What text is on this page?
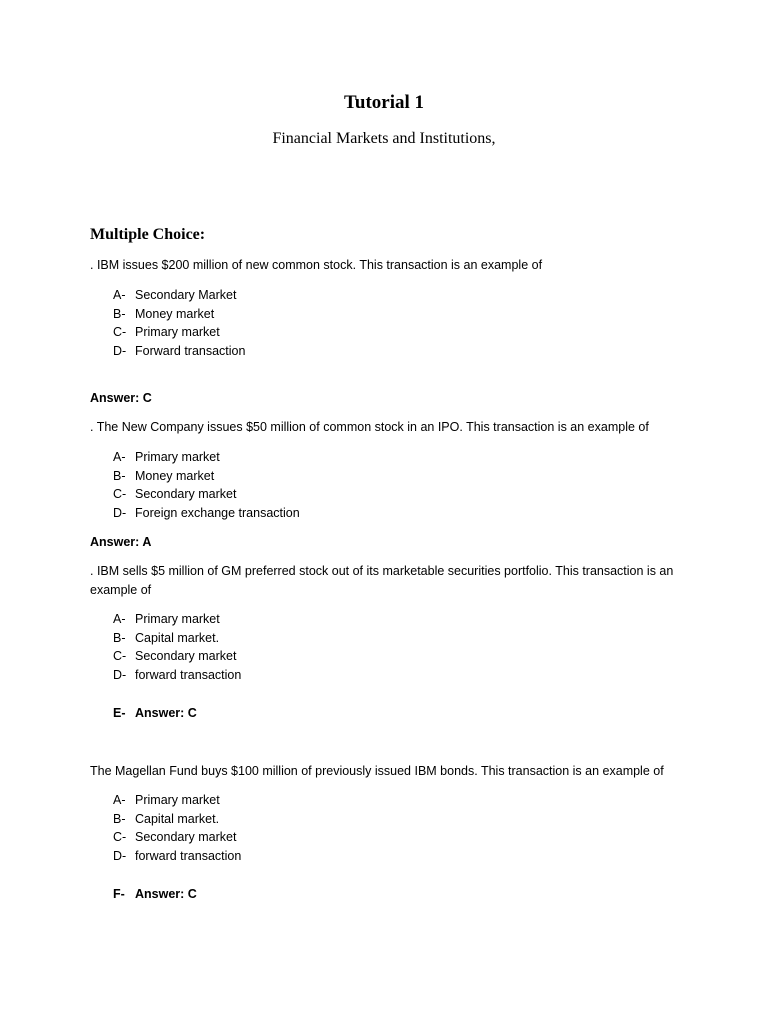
Tutorial 1
Financial Markets and Institutions,
Multiple Choice:
. IBM issues $200 million of new common stock. This transaction is an example of
A- Secondary Market
B- Money market
C- Primary market
D- Forward transaction
Answer: C
. The New Company issues $50 million of common stock in an IPO. This transaction is an example of
A- Primary market
B- Money market
C- Secondary market
D- Foreign exchange transaction
Answer: A
. IBM sells $5 million of GM preferred stock out of its marketable securities portfolio. This transaction is an example of
A- Primary market
B- Capital market.
C- Secondary market
D- forward transaction
E- Answer: C
The Magellan Fund buys $100 million of previously issued IBM bonds. This transaction is an example of
A- Primary market
B- Capital market.
C- Secondary market
D- forward transaction
F- Answer: C
